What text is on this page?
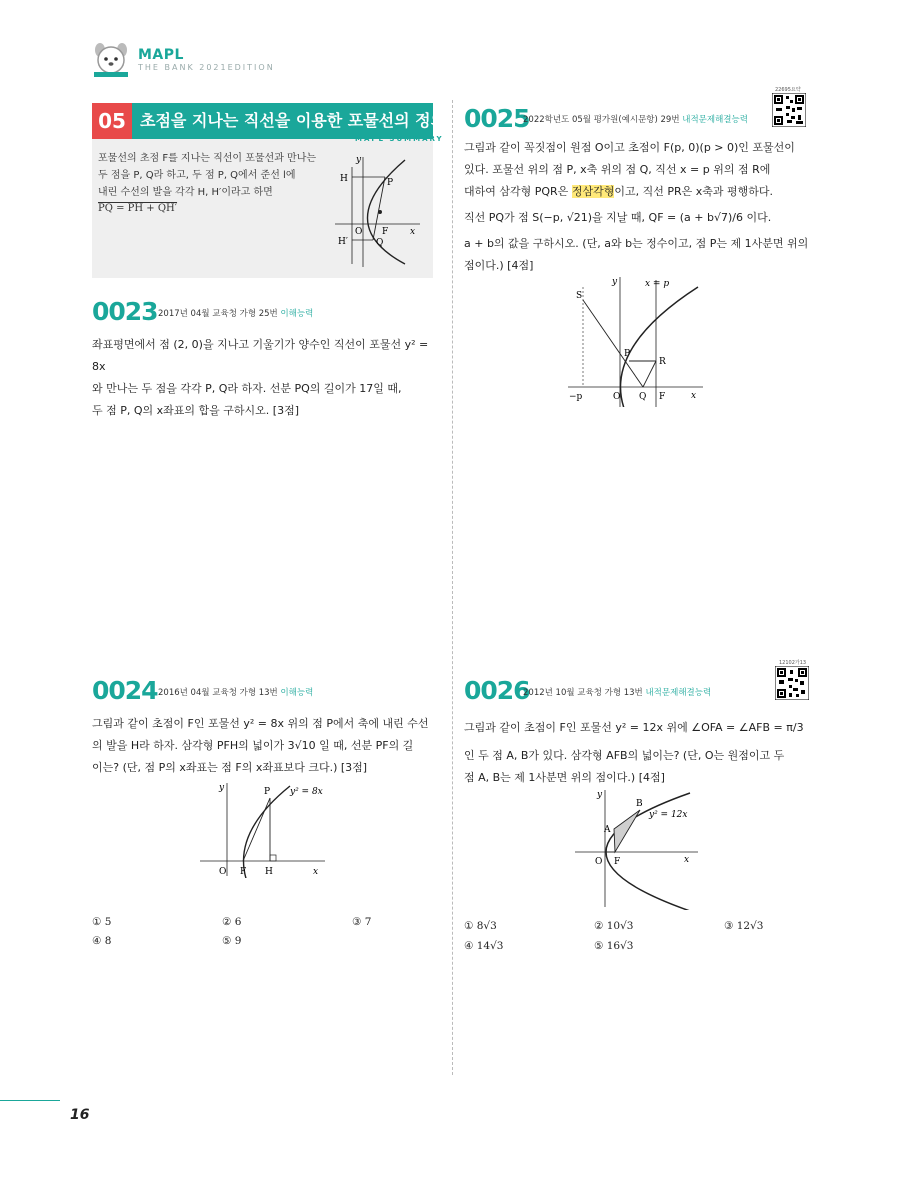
MAPL
THE BANK 2021EDITION
05 초점을 지나는 직선을 이용한 포물선의 정의
MAPL SUMMARY
포물선의 초점 F를 지나는 직선이 포물선과 만나는
두 점을 P, Q라 하고, 두 점 P, Q에서 준선 l에
내린 수선의 발을 각각 H, H′이라고 하면
PQ = PH + QH′
y
x
H	P
O F
H′	Q
0023 2017년 04월 교육청 가형 25번 이해능력
좌표평면에서 점 (2, 0)을 지나고 기울기가 양수인 직선이 포물선 y² = 8x
와 만나는 두 점을 각각 P, Q라 하자. 선분 PQ의 길이가 17일 때,
두 점 P, Q의 x좌표의 합을 구하시오. [3점]
0024 2016년 04월 교육청 가형 13번 이해능력
그림과 같이 초점이 F인 포물선 y² = 8x 위의 점 P에서 축에 내린 수선
의 발을 H라 하자. 삼각형 PFH의 넓이가 3√10 일 때, 선분 PF의 길
이는? (단, 점 P의 x좌표는 점 F의 x좌표보다 크다.) [3점]
y
x
P
O F H
y² = 8x
① 5	② 6	③ 7
④ 8	⑤ 9
0025
2022학년도 05월 평가원(예시문항) 29번 내적문제해결능력
22695요약
그림과 같이 꼭짓점이 원점 O이고 초점이 F(p, 0)(p > 0)인 포물선이
있다. 포물선 위의 점 P, x축 위의 점 Q, 직선 x = p 위의 점 R에
대하여 삼각형 PQR은 정삼각형이고, 직선 PR은 x축과 평행하다.
직선 PQ가 점 S(−p, √21)을 지날 때, QF = (a + b√7)/6 이다.
a + b의 값을 구하시오. (단, a와 b는 정수이고, 점 P는 제 1사분면 위의
점이다.) [4점]
y
x
S
x = p
P
R
−p	O Q F
0026
2012년 10월 교육청 가형 13번 내적문제해결능력
12102가13
그림과 같이 초점이 F인 포물선 y² = 12x 위에 ∠OFA = ∠AFB = π/3
인 두 점 A, B가 있다. 삼각형 AFB의 넓이는? (단, O는 원점이고 두
점 A, B는 제 1사분면 위의 점이다.) [4점]
y
x
B
A
O F
y² = 12x
① 8√3	② 10√3	③ 12√3
④ 14√3	⑤ 16√3
16
